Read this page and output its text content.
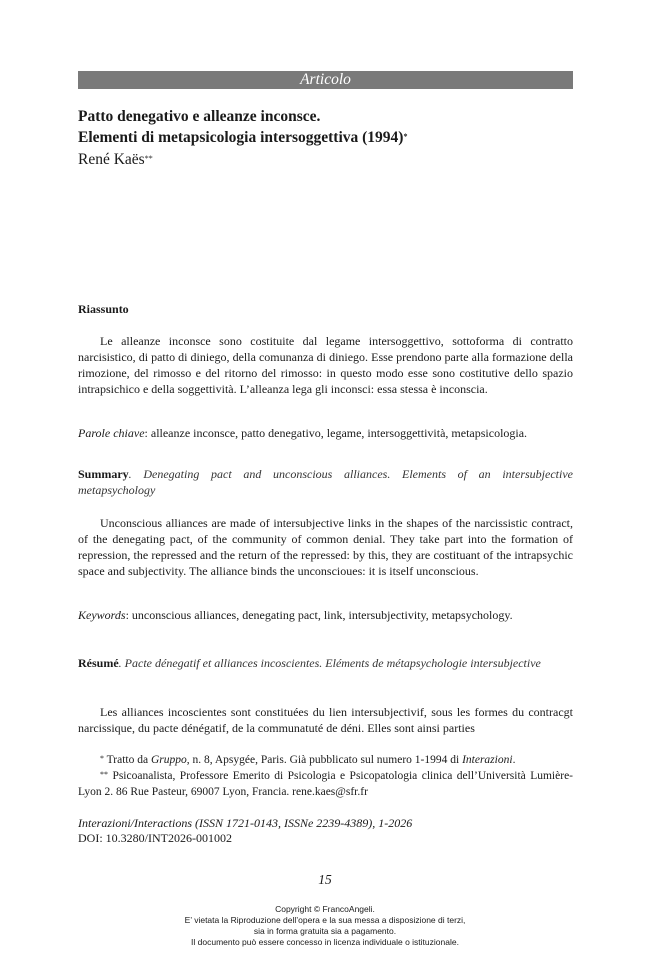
Articolo
Patto denegativo e alleanze inconsce.
Elementi di metapsicologia intersoggettiva (1994)*
René Kaës**
Riassunto

Le alleanze inconsce sono costituite dal legame intersoggettivo, sottoforma di contratto narcisistico, di patto di diniego, della comunanza di diniego. Esse prendono parte alla formazione della rimozione, del rimosso e del ritorno del rimosso: in questo modo esse sono costitutive dello spazio intrapsichico e della soggettività. L’alleanza lega gli inconsci: essa stessa è inconscia.

Parole chiave: alleanze inconsce, patto denegativo, legame, intersoggettività, metapsicologia.

Summary. Denegating pact and unconscious alliances. Elements of an intersubjective metapsychology

Unconscious alliances are made of intersubjective links in the shapes of the narcissistic contract, of the denegating pact, of the community of common denial. They take part into the formation of repression, the repressed and the return of the repressed: by this, they are costituant of the intrapsychic space and subjectivity. The alliance binds the unconscioues: it is itself unconscious.

Keywords: unconscious alliances, denegating pact, link, intersubjectivity, metapsychology.

Résumé. Pacte dénegatif et alliances incoscientes. Eléments de métapsychologie intersubjective

Les alliances incoscientes sont constituées du lien intersubjectivif, sous les formes du contracgt narcissique, du pacte dénégatif, de la communatuté de déni. Elles sont ainsi parties

* Tratto da Gruppo, n. 8, Apsygée, Paris. Già pubblicato sul numero 1-1994 di Interazioni.

** Psicoanalista, Professore Emerito di Psicologia e Psicopatologia clinica dell’Università Lumière-Lyon 2. 86 Rue Pasteur, 69007 Lyon, Francia. rene.kaes@sfr.fr

Interazioni/Interactions (ISSN 1721-0143, ISSNe 2239-4389), 1-2026
DOI: 10.3280/INT2026-001002
15
Copyright © FrancoAngeli.
E’ vietata la Riproduzione dell’opera e la sua messa a disposizione di terzi,
sia in forma gratuita sia a pagamento.
Il documento può essere concesso in licenza individuale o istituzionale.
